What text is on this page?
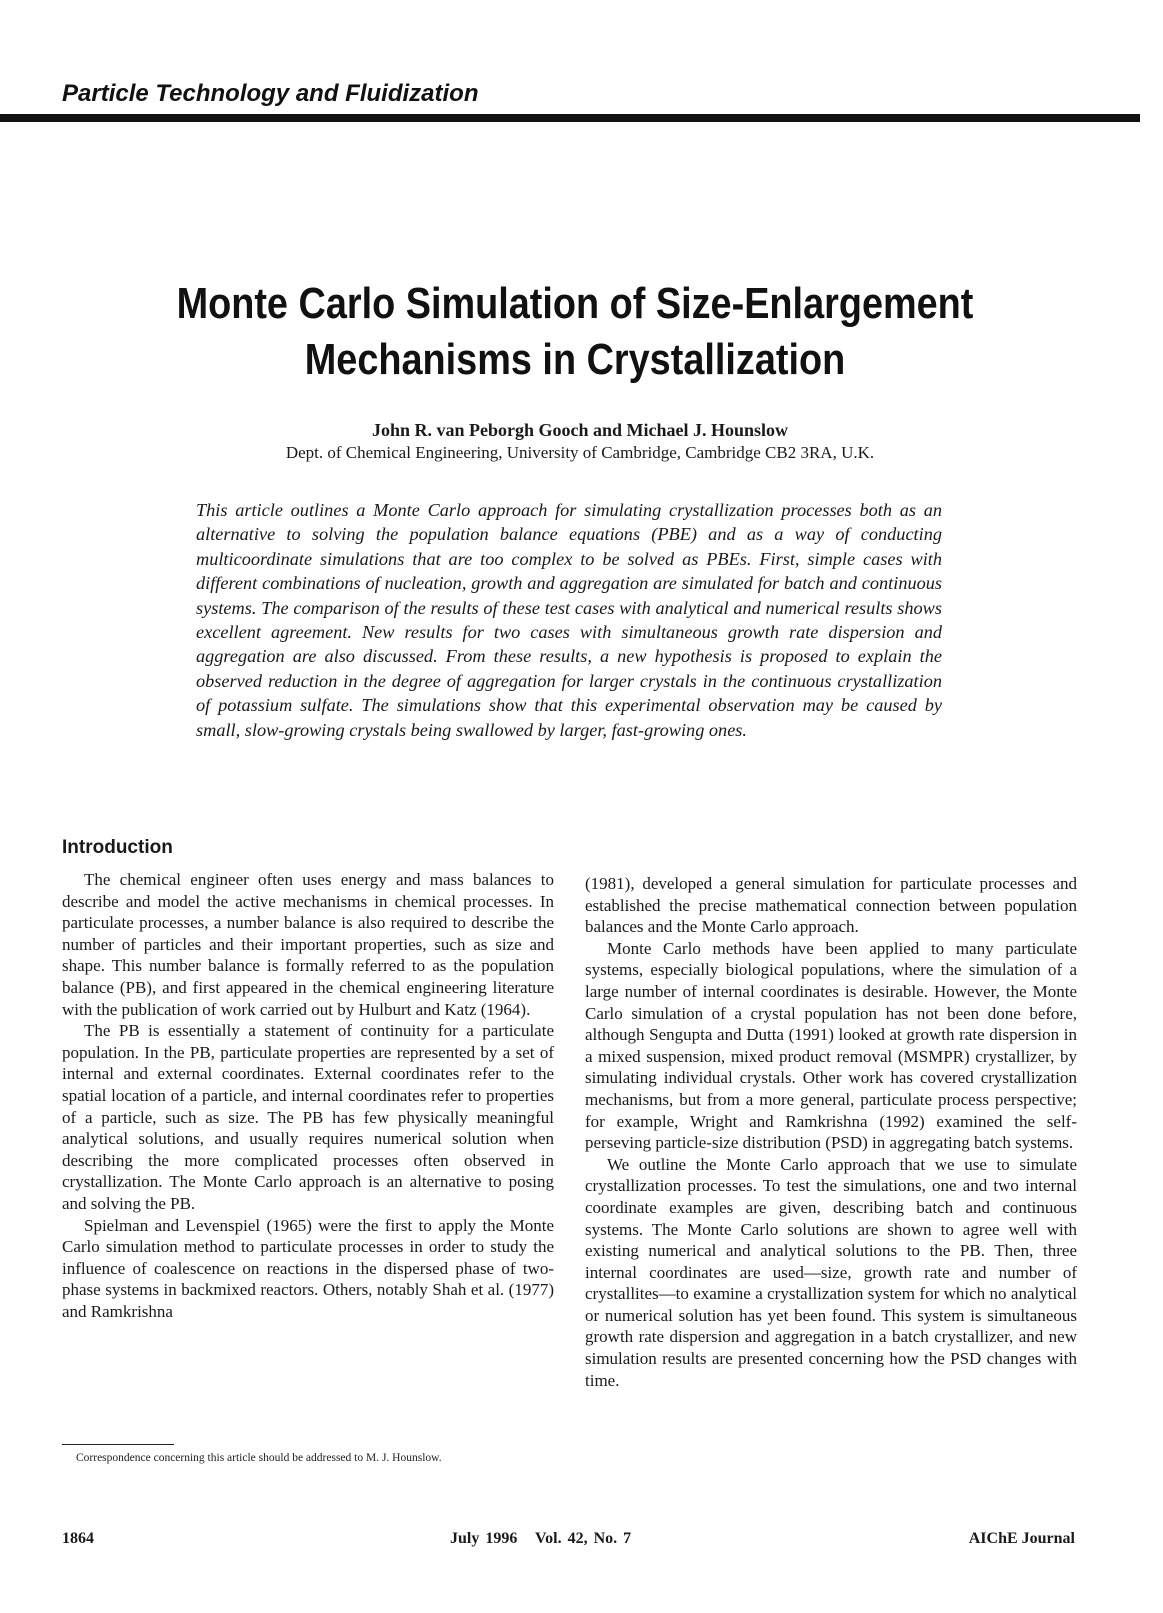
Particle Technology and Fluidization
Monte Carlo Simulation of Size-Enlargement
Mechanisms in Crystallization
John R. van Peborgh Gooch and Michael J. Hounslow
Dept. of Chemical Engineering, University of Cambridge, Cambridge CB2 3RA, U.K.

This article outlines a Monte Carlo approach for simulating crystallization processes both as an alternative to solving the population balance equations (PBE) and as a way of conducting multicoordinate simulations that are too complex to be solved as PBEs. First, simple cases with different combinations of nucleation, growth and aggregation are simulated for batch and continuous systems. The comparison of the results of these test cases with analytical and numerical results shows excellent agreement. New results for two cases with simultaneous growth rate dispersion and aggregation are also discussed. From these results, a new hypothesis is proposed to explain the observed reduction in the degree of aggregation for larger crystals in the continuous crystallization of potassium sulfate. The simulations show that this experimental observation may be caused by small, slow-growing crystals being swallowed by larger, fast-growing ones.

Introduction

The chemical engineer often uses energy and mass balances to describe and model the active mechanisms in chemical processes. In particulate processes, a number balance is also required to describe the number of particles and their important properties, such as size and shape. This number balance is formally referred to as the population balance (PB), and first appeared in the chemical engineering literature with the publication of work carried out by Hulburt and Katz (1964).

The PB is essentially a statement of continuity for a particulate population. In the PB, particulate properties are represented by a set of internal and external coordinates. External coordinates refer to the spatial location of a particle, and internal coordinates refer to properties of a particle, such as size. The PB has few physically meaningful analytical solutions, and usually requires numerical solution when describing the more complicated processes often observed in crystallization. The Monte Carlo approach is an alternative to posing and solving the PB.

Spielman and Levenspiel (1965) were the first to apply the Monte Carlo simulation method to particulate processes in order to study the influence of coalescence on reactions in the dispersed phase of two-phase systems in backmixed reactors. Others, notably Shah et al. (1977) and Ramkrishna

(1981), developed a general simulation for particulate processes and established the precise mathematical connection between population balances and the Monte Carlo approach.

Monte Carlo methods have been applied to many particulate systems, especially biological populations, where the simulation of a large number of internal coordinates is desirable. However, the Monte Carlo simulation of a crystal population has not been done before, although Sengupta and Dutta (1991) looked at growth rate dispersion in a mixed suspension, mixed product removal (MSMPR) crystallizer, by simulating individual crystals. Other work has covered crystallization mechanisms, but from a more general, particulate process perspective; for example, Wright and Ramkrishna (1992) examined the self-perseving particle-size distribution (PSD) in aggregating batch systems.

We outline the Monte Carlo approach that we use to simulate crystallization processes. To test the simulations, one and two internal coordinate examples are given, describing batch and continuous systems. The Monte Carlo solutions are shown to agree well with existing numerical and analytical solutions to the PB. Then, three internal coordinates are used—size, growth rate and number of crystallites—to examine a crystallization system for which no analytical or numerical solution has yet been found. This system is simultaneous growth rate dispersion and aggregation in a batch crystallizer, and new simulation results are presented concerning how the PSD changes with time.

Correspondence concerning this article should be addressed to M. J. Hounslow.
1864	July 1996   Vol. 42, No. 7	AIChE Journal
